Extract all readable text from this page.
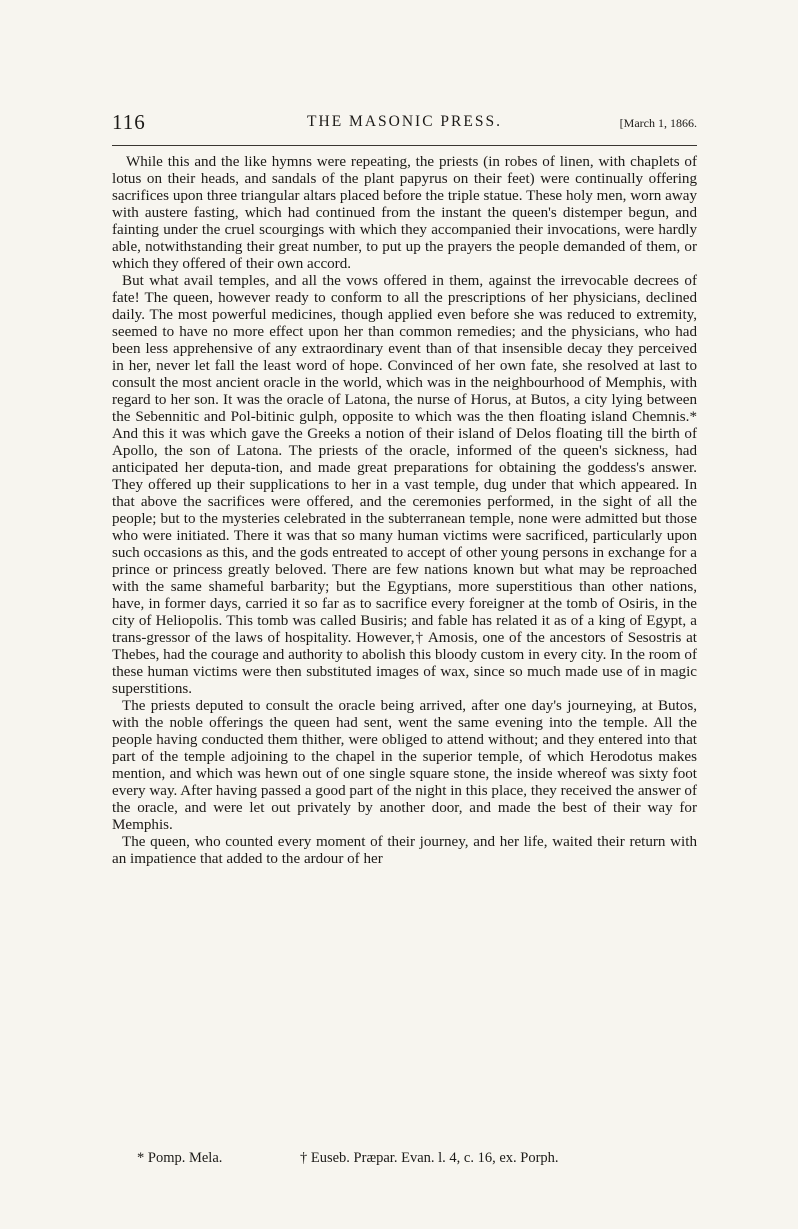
116	THE MASONIC PRESS.	[March 1, 1866.

While this and the like hymns were repeating, the priests (in robes of linen, with chaplets of lotus on their heads, and sandals of the plant papyrus on their feet) were continually offering sacrifices upon three triangular altars placed before the triple statue. These holy men, worn away with austere fasting, which had continued from the instant the queen's distemper begun, and fainting under the cruel scourgings with which they accompanied their invocations, were hardly able, notwithstanding their great number, to put up the prayers the people demanded of them, or which they offered of their own accord.

But what avail temples, and all the vows offered in them, against the irrevocable decrees of fate! The queen, however ready to conform to all the prescriptions of her physicians, declined daily. The most powerful medicines, though applied even before she was reduced to extremity, seemed to have no more effect upon her than common remedies; and the physicians, who had been less apprehensive of any extraordinary event than of that insensible decay they perceived in her, never let fall the least word of hope. Convinced of her own fate, she resolved at last to consult the most ancient oracle in the world, which was in the neighbourhood of Memphis, with regard to her son. It was the oracle of Latona, the nurse of Horus, at Butos, a city lying between the Sebennitic and Pol-bitinic gulph, opposite to which was the then floating island Chemnis.* And this it was which gave the Greeks a notion of their island of Delos floating till the birth of Apollo, the son of Latona. The priests of the oracle, informed of the queen's sickness, had anticipated her deputa-tion, and made great preparations for obtaining the goddess's answer. They offered up their supplications to her in a vast temple, dug under that which appeared. In that above the sacrifices were offered, and the ceremonies performed, in the sight of all the people; but to the mysteries celebrated in the subterranean temple, none were admitted but those who were initiated. There it was that so many human victims were sacrificed, particularly upon such occasions as this, and the gods entreated to accept of other young persons in exchange for a prince or princess greatly beloved. There are few nations known but what may be reproached with the same shameful barbarity; but the Egyptians, more superstitious than other nations, have, in former days, carried it so far as to sacrifice every foreigner at the tomb of Osiris, in the city of Heliopolis. This tomb was called Busiris; and fable has related it as of a king of Egypt, a trans-gressor of the laws of hospitality. However,† Amosis, one of the ancestors of Sesostris at Thebes, had the courage and authority to abolish this bloody custom in every city. In the room of these human victims were then substituted images of wax, since so much made use of in magic superstitions.

The priests deputed to consult the oracle being arrived, after one day's journeying, at Butos, with the noble offerings the queen had sent, went the same evening into the temple. All the people having conducted them thither, were obliged to attend without; and they entered into that part of the temple adjoining to the chapel in the superior temple, of which Herodotus makes mention, and which was hewn out of one single square stone, the inside whereof was sixty foot every way. After having passed a good part of the night in this place, they received the answer of the oracle, and were let out privately by another door, and made the best of their way for Memphis.

The queen, who counted every moment of their journey, and her life, waited their return with an impatience that added to the ardour of her

* Pomp. Mela.	† Euseb. Præpar. Evan. l. 4, c. 16, ex. Porph.
